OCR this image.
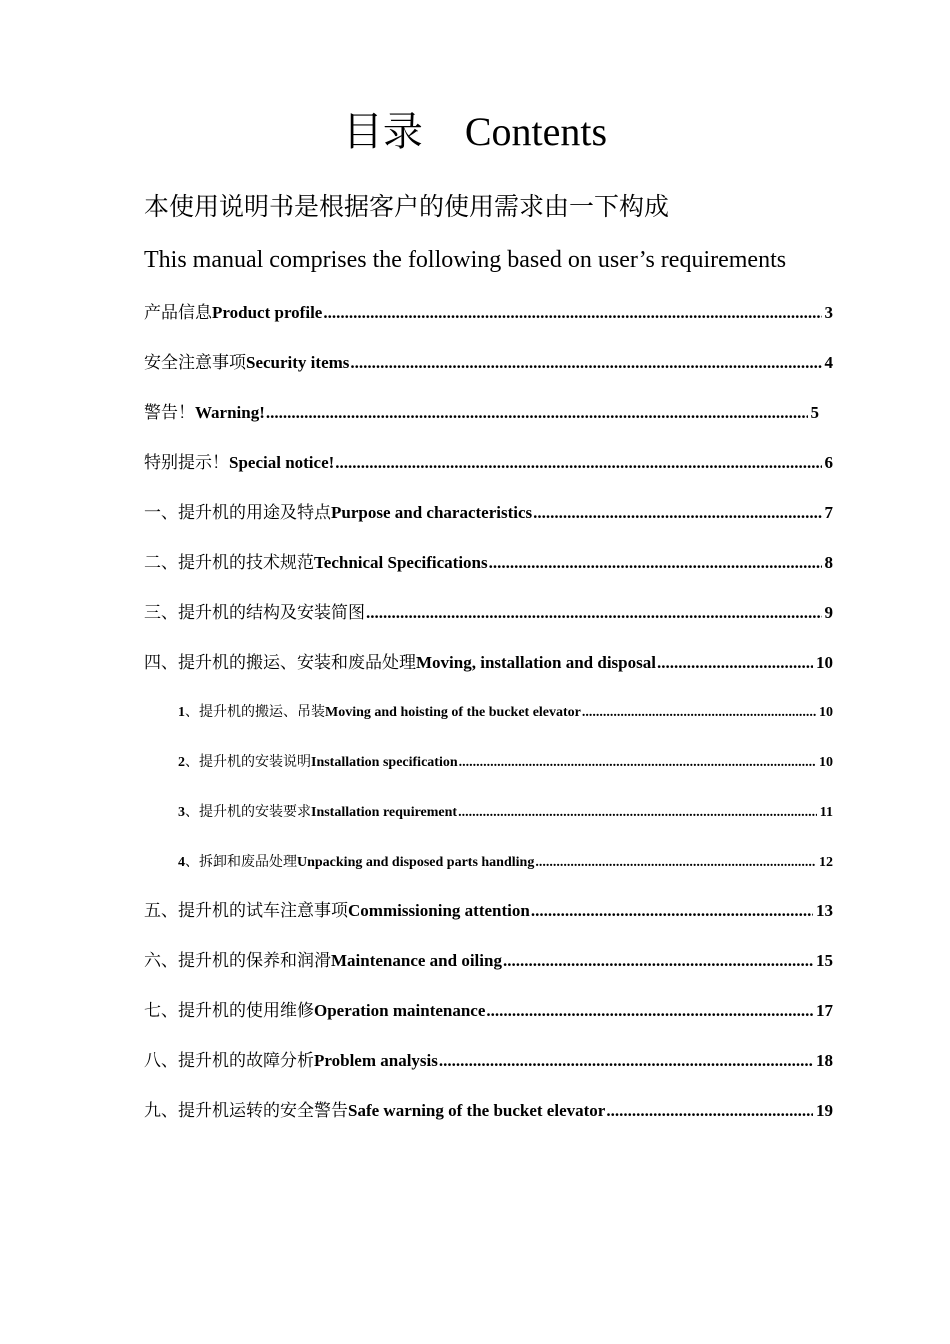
目录 Contents
本使用说明书是根据客户的使用需求由一下构成
This manual comprises the following based on user’s requirements
产品信息 Product profile .....	3
安全注意事项 Security items .....	4
警告！ Warning! .....	5
特别提示！ Special notice! .....	6
一、提升机的用途及特点 Purpose and characteristics .....	7
二、提升机的技术规范 Technical Specifications .....	8
三、提升机的结构及安装简图 .....	9
四、提升机的搬运、安装和废品处理 Moving, installation and disposal .....	10
1 、提升机的搬运、吊装 Moving and hoisting of the bucket elevator .....	10
2 、提升机的安装说明 Installation specification .....	10
3 、提升机的安装要求 Installation requirement .....	11
4 、拆卸和废品处理 Unpacking and disposed parts handling .....	12
五、提升机的试车注意事项 Commissioning attention .....	13
六、提升机的保养和润滑 Maintenance and oiling .....	15
七、提升机的使用维修 Operation maintenance .....	17
八、提升机的故障分析 Problem analysis .....	18
九、提升机运转的安全警告 Safe warning of the bucket elevator .....	19
